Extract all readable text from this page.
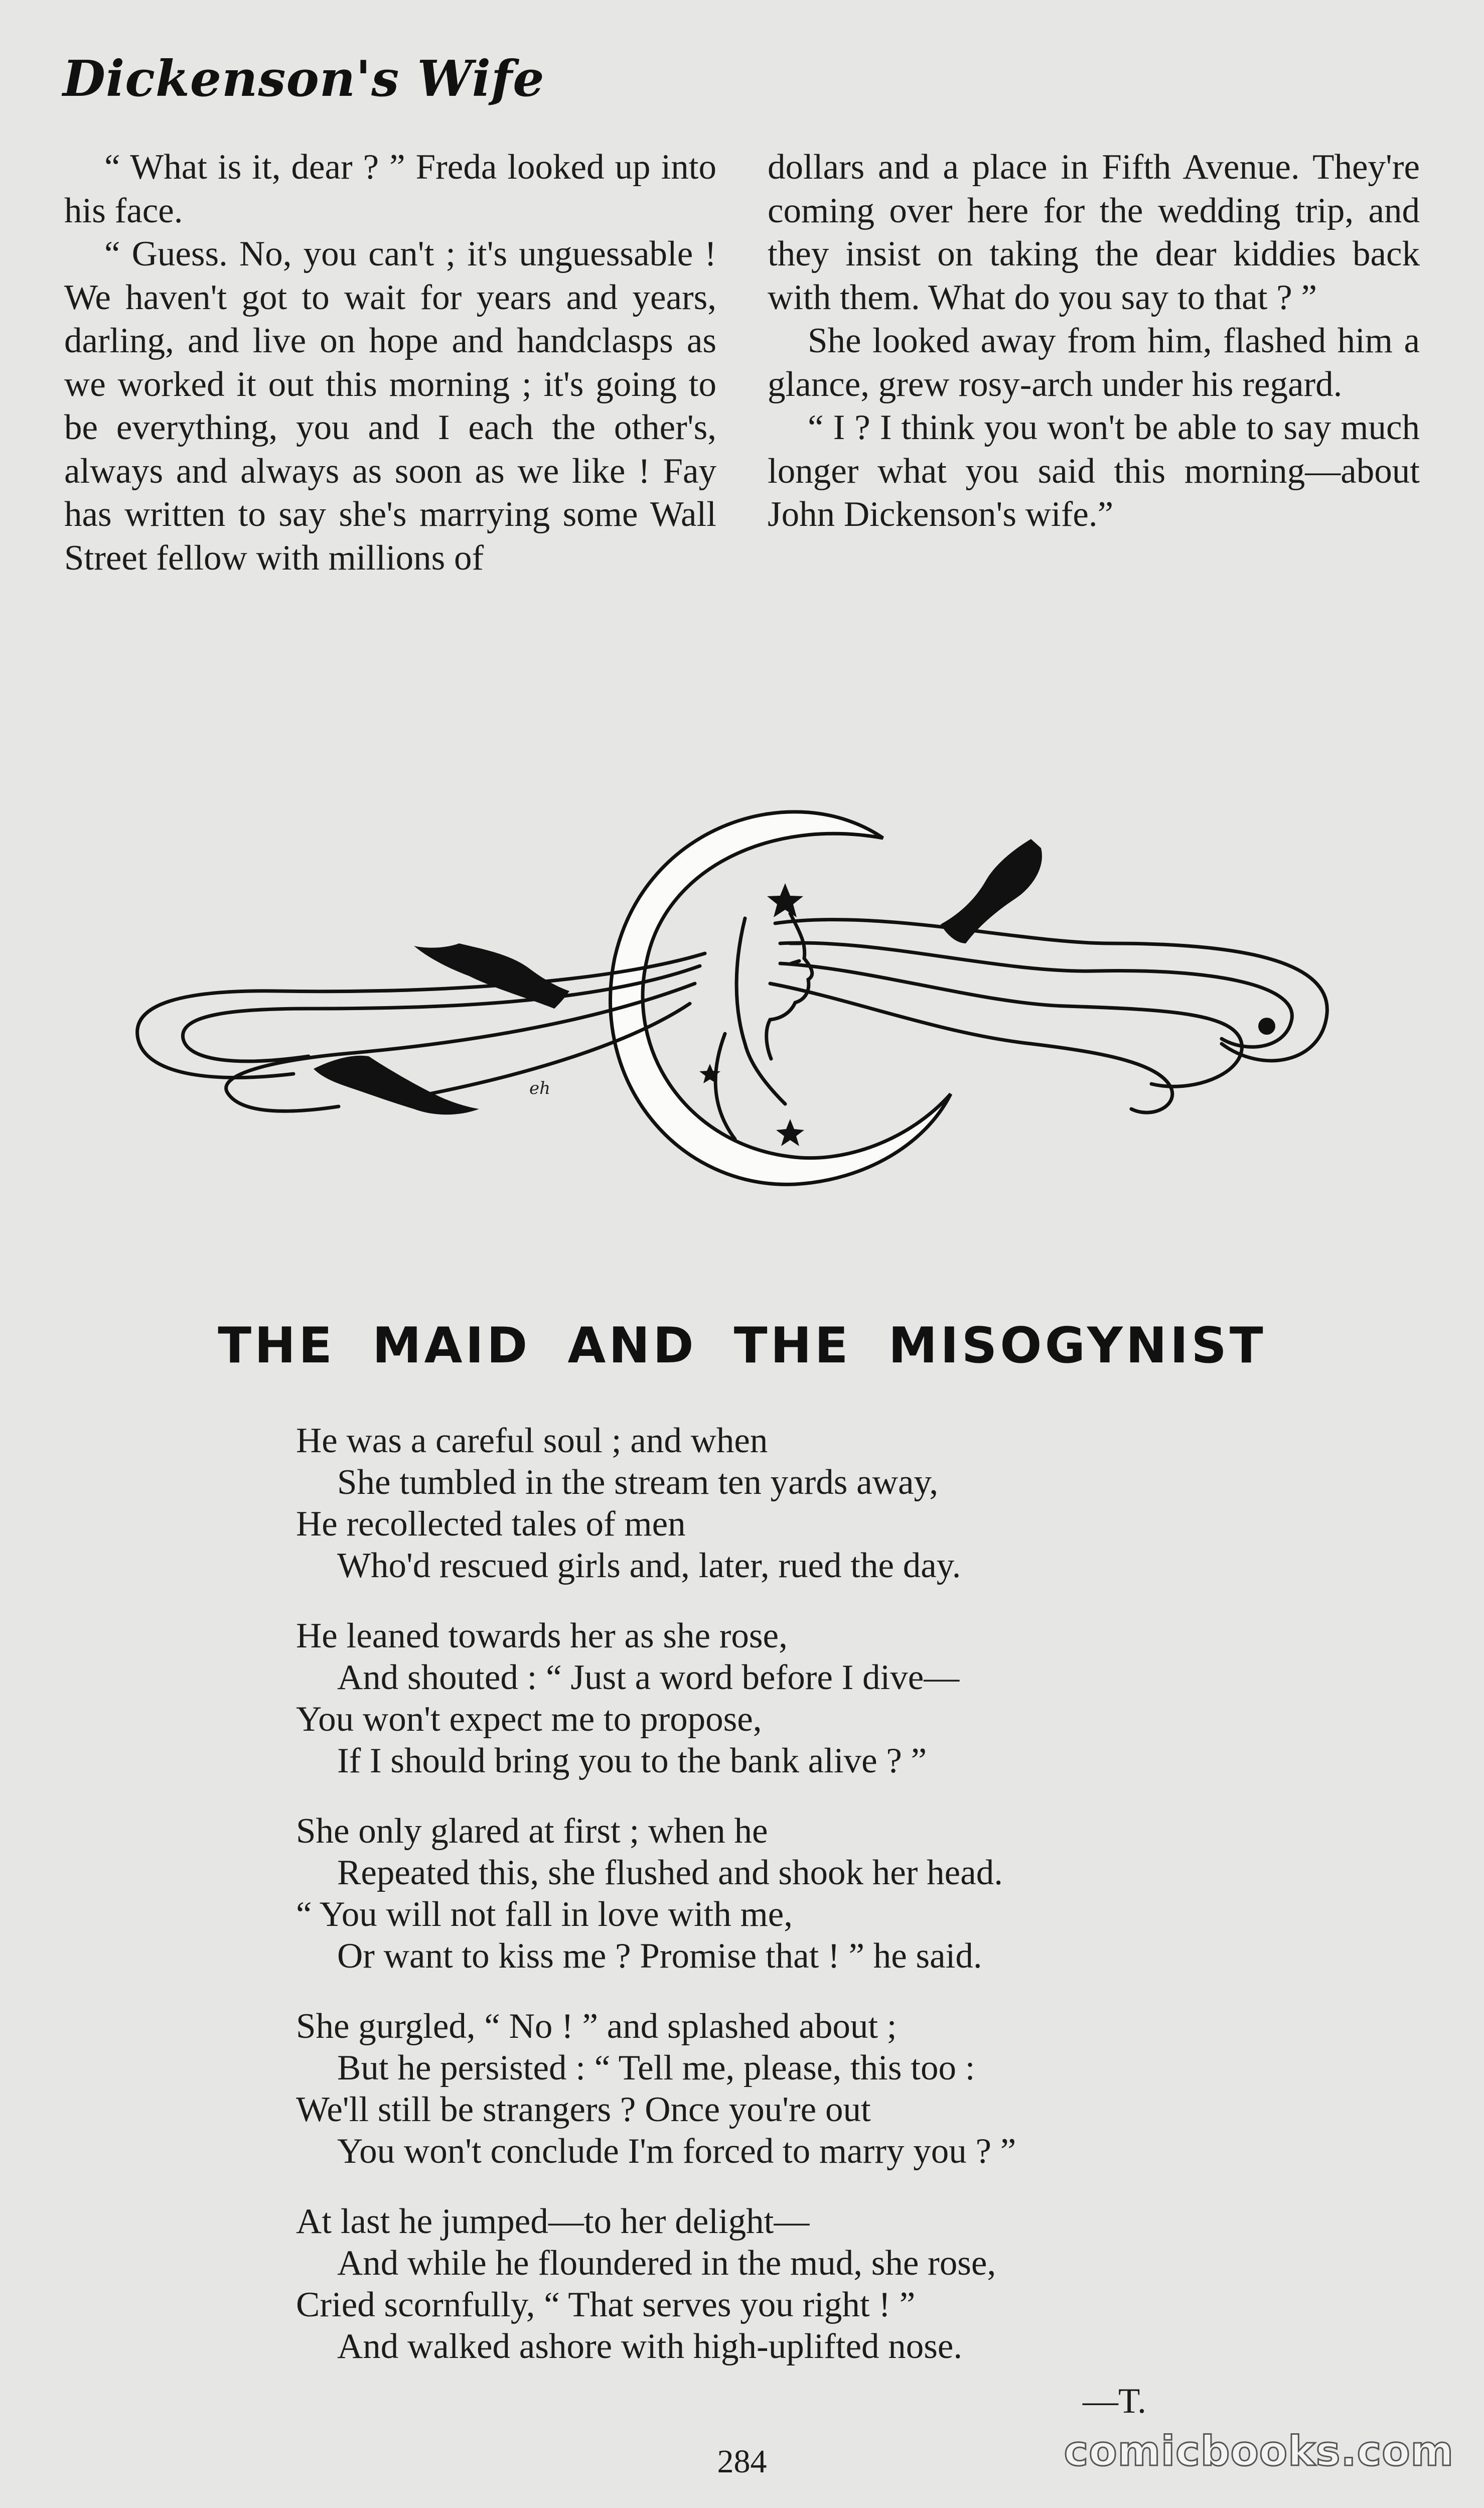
Dickenson's Wife

“ What is it, dear ? ” Freda looked up into his face.

“ Guess. No, you can't ; it's unguessable ! We haven't got to wait for years and years, darling, and live on hope and handclasps as we worked it out this morning ; it's going to be everything, you and I each the other's, always and always as soon as we like ! Fay has written to say she's marrying some Wall Street fellow with millions of

dollars and a place in Fifth Avenue. They're coming over here for the wedding trip, and they insist on taking the dear kiddies back with them. What do you say to that ? ”

She looked away from him, flashed him a glance, grew rosy-arch under his regard.

“ I ? I think you won't be able to say much longer what you said this morning—about John Dickenson's wife.”

eh
THE MAID AND THE MISOGYNIST
He was a careful soul ; and when
She tumbled in the stream ten yards away,
He recollected tales of men
Who'd rescued girls and, later, rued the day.
He leaned towards her as she rose,
And shouted : “ Just a word before I dive—
You won't expect me to propose,
If I should bring you to the bank alive ? ”
She only glared at first ; when he
Repeated this, she flushed and shook her head.
“ You will not fall in love with me,
Or want to kiss me ? Promise that ! ” he said.
She gurgled, “ No ! ” and splashed about ;
But he persisted : “ Tell me, please, this too :
We'll still be strangers ? Once you're out
You won't conclude I'm forced to marry you ? ”
At last he jumped—to her delight—
And while he floundered in the mud, she rose,
Cried scornfully, “ That serves you right ! ”
And walked ashore with high-uplifted nose.
—T.
284	comicbooks.com
